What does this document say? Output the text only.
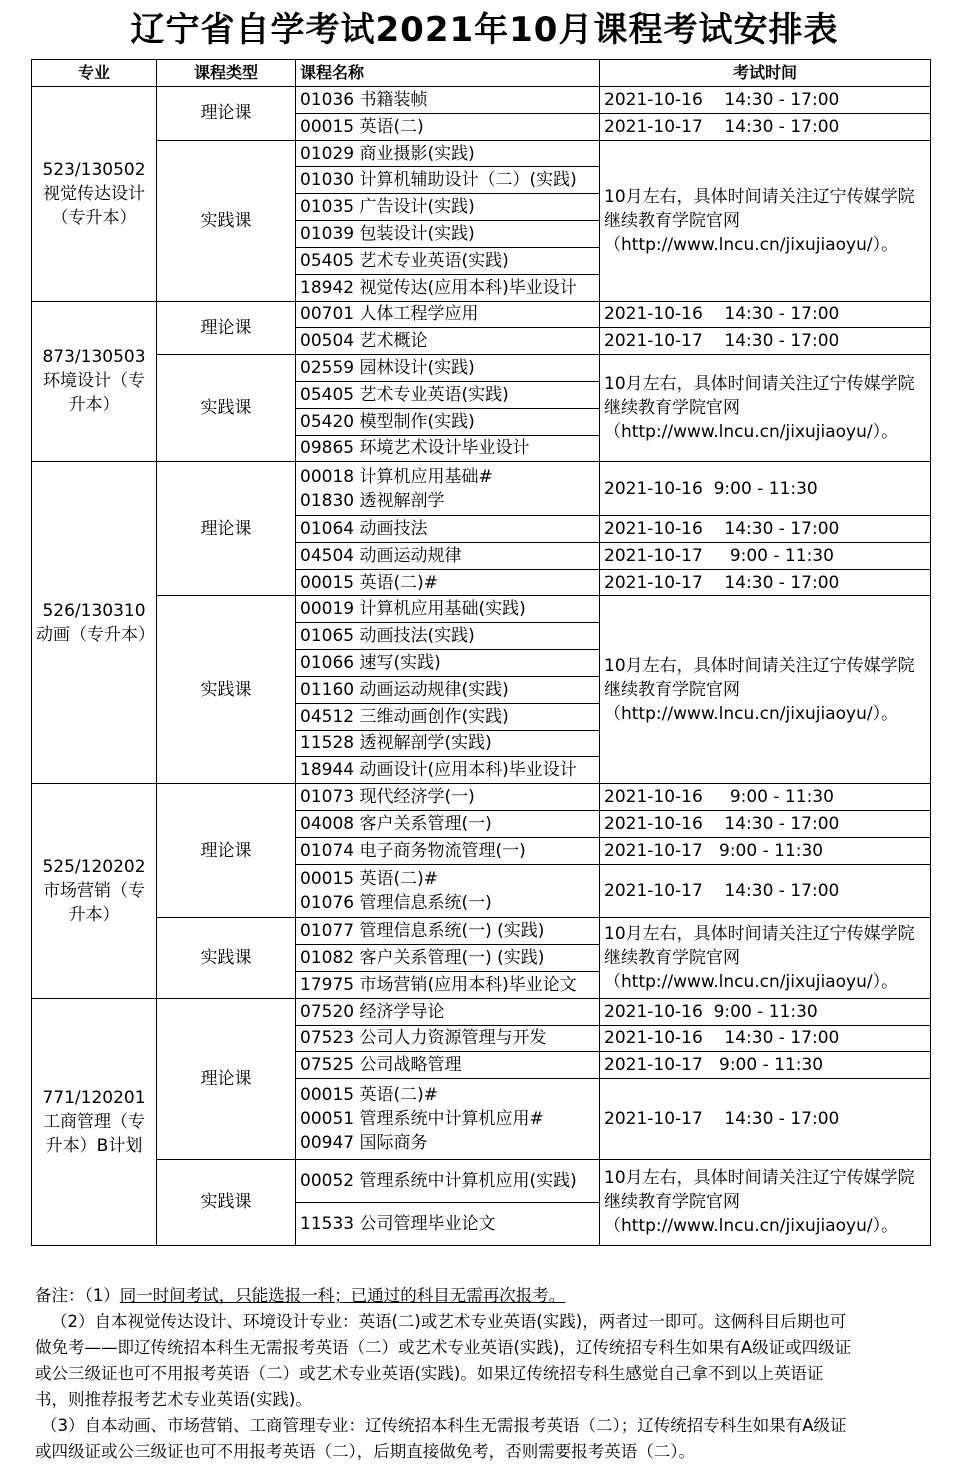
辽宁省自学考试2021年10月课程考试安排表
专业	课程类型	课程名称	考试时间
523/130502视觉传达设计（专升本）	理论课	01036 书籍装帧	2021-10-16    14:30 - 17:00

		00015 英语(二)	2021-10-17    14:30 - 17:00
	实践课	01029 商业摄影(实践)	10月左右，具体时间请关注辽宁传媒学院继续教育学院官网（http://www.lncu.cn/jixujiaoyu/）。
		01030 计算机辅助设计（二）(实践)	
		01035 广告设计(实践)	
		01039 包装设计(实践)	
		05405 艺术专业英语(实践)	
		18942 视觉传达(应用本科)毕业设计	
873/130503环境设计（专升本）	理论课	00701 人体工程学应用	2021-10-16    14:30 - 17:00

		00504 艺术概论	2021-10-17    14:30 - 17:00
	实践课	02559 园林设计(实践)	10月左右，具体时间请关注辽宁传媒学院继续教育学院官网（http://www.lncu.cn/jixujiaoyu/）。
		05405 艺术专业英语(实践)	
		05420 模型制作(实践)	
		09865 环境艺术设计毕业设计	
526/130310动画（专升本）	理论课	00018 计算机应用基础#
01830 透视解剖学	2021-10-16  9:00 - 11:30

		01064 动画技法	2021-10-16    14:30 - 17:00

		04504 动画运动规律	2021-10-17     9:00 - 11:30

		00015 英语(二)#	2021-10-17    14:30 - 17:00
	实践课	00019 计算机应用基础(实践)	10月左右，具体时间请关注辽宁传媒学院继续教育学院官网（http://www.lncu.cn/jixujiaoyu/）。
		01065 动画技法(实践)	
		01066 速写(实践)	
		01160 动画运动规律(实践)	
		04512 三维动画创作(实践)	
		11528 透视解剖学(实践)	
		18944 动画设计(应用本科)毕业设计	
525/120202市场营销（专升本）	理论课	01073 现代经济学(一)	2021-10-16     9:00 - 11:30

		04008 客户关系管理(一)	2021-10-16    14:30 - 17:00

		01074 电子商务物流管理(一)	2021-10-17   9:00 - 11:30

		00015 英语(二)#
01076 管理信息系统(一)	2021-10-17    14:30 - 17:00
	实践课	01077 管理信息系统(一) (实践)	10月左右，具体时间请关注辽宁传媒学院继续教育学院官网（http://www.lncu.cn/jixujiaoyu/）。
		01082 客户关系管理(一) (实践)	
		17975 市场营销(应用本科)毕业论文	
771/120201工商管理（专升本）B计划	理论课	07520 经济学导论	2021-10-16  9:00 - 11:30

		07523 公司人力资源管理与开发	2021-10-16    14:30 - 17:00

		07525 公司战略管理	2021-10-17   9:00 - 11:30

		00015 英语(二)#
00051 管理系统中计算机应用#
00947 国际商务	2021-10-17    14:30 - 17:00
	实践课	00052 管理系统中计算机应用(实践)	10月左右，具体时间请关注辽宁传媒学院继续教育学院官网（http://www.lncu.cn/jixujiaoyu/）。
		11533 公司管理毕业论文	
备注：（1）同一时间考试，只能选报一科；已通过的科目无需再次报考。
（2）自本视觉传达设计、环境设计专业：英语(二)或艺术专业英语(实践)，两者过一即可。这俩科目后期也可
做免考——即辽传统招本科生无需报考英语（二）或艺术专业英语(实践)，辽传统招专科生如果有A级证或四级证
或公三级证也可不用报考英语（二）或艺术专业英语(实践)。如果辽传统招专科生感觉自己拿不到以上英语证
书，则推荐报考艺术专业英语(实践)。
（3）自本动画、市场营销、工商管理专业：辽传统招本科生无需报考英语（二）；辽传统招专科生如果有A级证
或四级证或公三级证也可不用报考英语（二），后期直接做免考，否则需要报考英语（二）。
